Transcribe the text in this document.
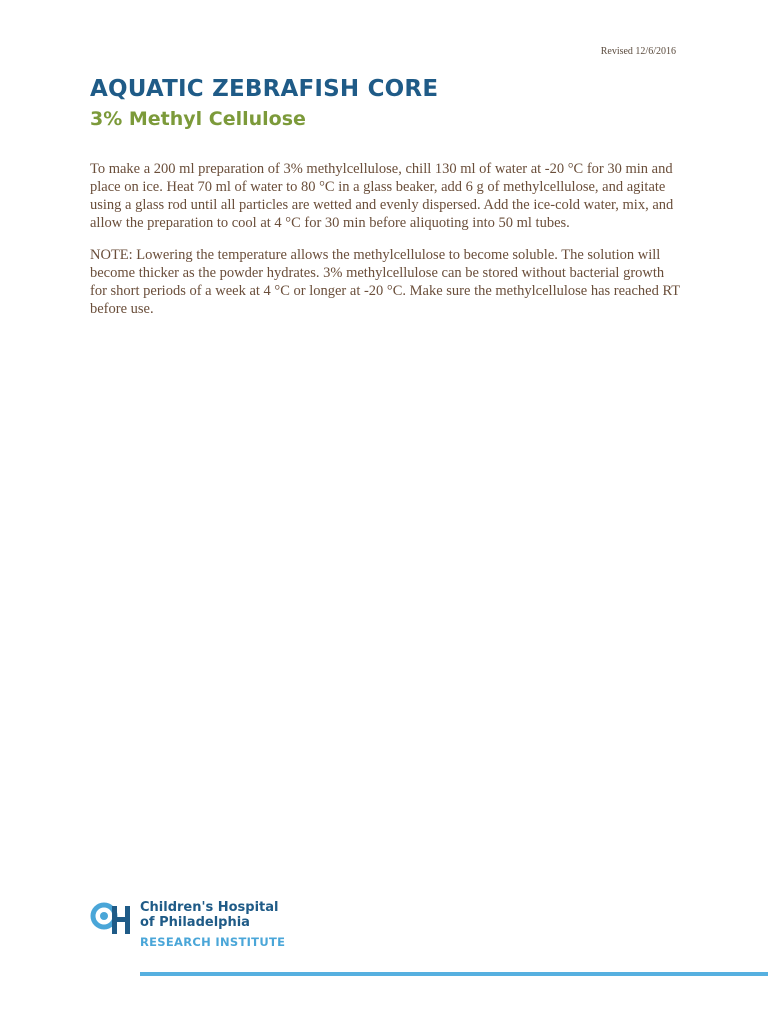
Revised 12/6/2016
AQUATIC ZEBRAFISH CORE
3% Methyl Cellulose

To make a 200 ml preparation of 3% methylcellulose, chill 130 ml of water at -20 °C for 30 min and place on ice. Heat 70 ml of water to 80 °C in a glass beaker, add 6 g of methylcellulose, and agitate using a glass rod until all particles are wetted and evenly dispersed. Add the ice-cold water, mix, and allow the preparation to cool at 4 °C for 30 min before aliquoting into 50 ml tubes.

NOTE: Lowering the temperature allows the methylcellulose to become soluble. The solution will become thicker as the powder hydrates. 3% methylcellulose can be stored without bacterial growth for short periods of a week at 4 °C or longer at -20 °C. Make sure the methylcellulose has reached RT before use.

Children's Hospital
of Philadelphia
RESEARCH INSTITUTE
